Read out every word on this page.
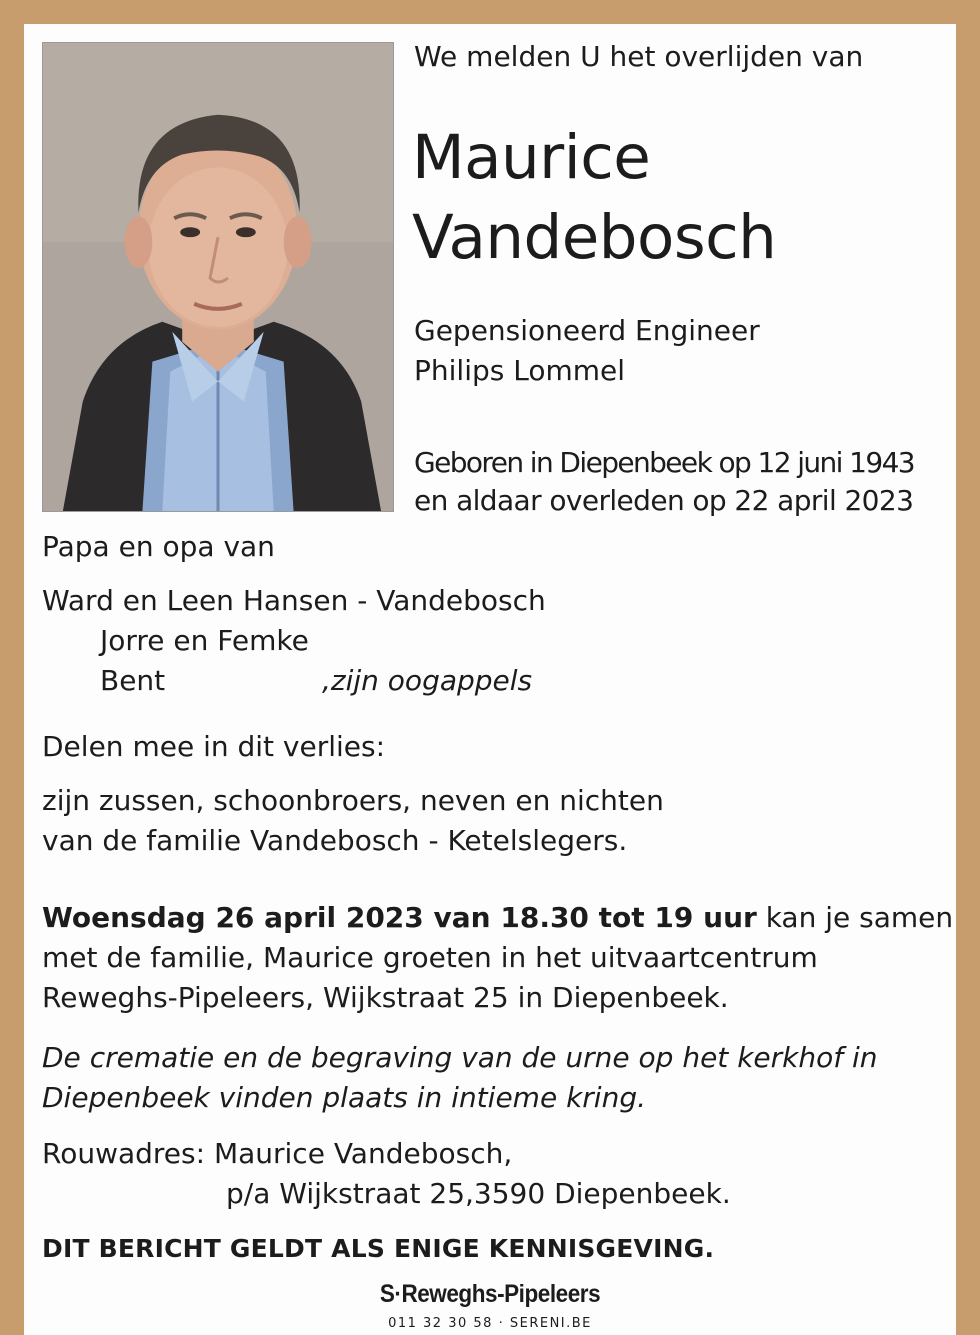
We melden U het overlijden van

Maurice

Vandebosch

Gepensioneerd Engineer

Philips Lommel

Geboren in Diepenbeek op 12 juni 1943

en aldaar overleden op 22 april 2023

Papa en opa van

Ward en Leen Hansen - Vandebosch

Jorre en Femke

Bent	,zijn oogappels

Delen mee in dit verlies:

zijn zussen, schoonbroers, neven en nichten

van de familie Vandebosch - Ketelslegers.

Woensdag 26 april 2023 van 18.30 tot 19 uur kan je samen

met de familie, Maurice groeten in het uitvaartcentrum

Reweghs-Pipeleers, Wijkstraat 25 in Diepenbeek.

De crematie en de begraving van de urne op het kerkhof in

Diepenbeek vinden plaats in intieme kring.

Rouwadres: Maurice Vandebosch,

p/a Wijkstraat 25,3590 Diepenbeek.

DIT BERICHT GELDT ALS ENIGE KENNISGEVING.

S·Reweghs-Pipeleers
011 32 30 58 · SERENI.BE
